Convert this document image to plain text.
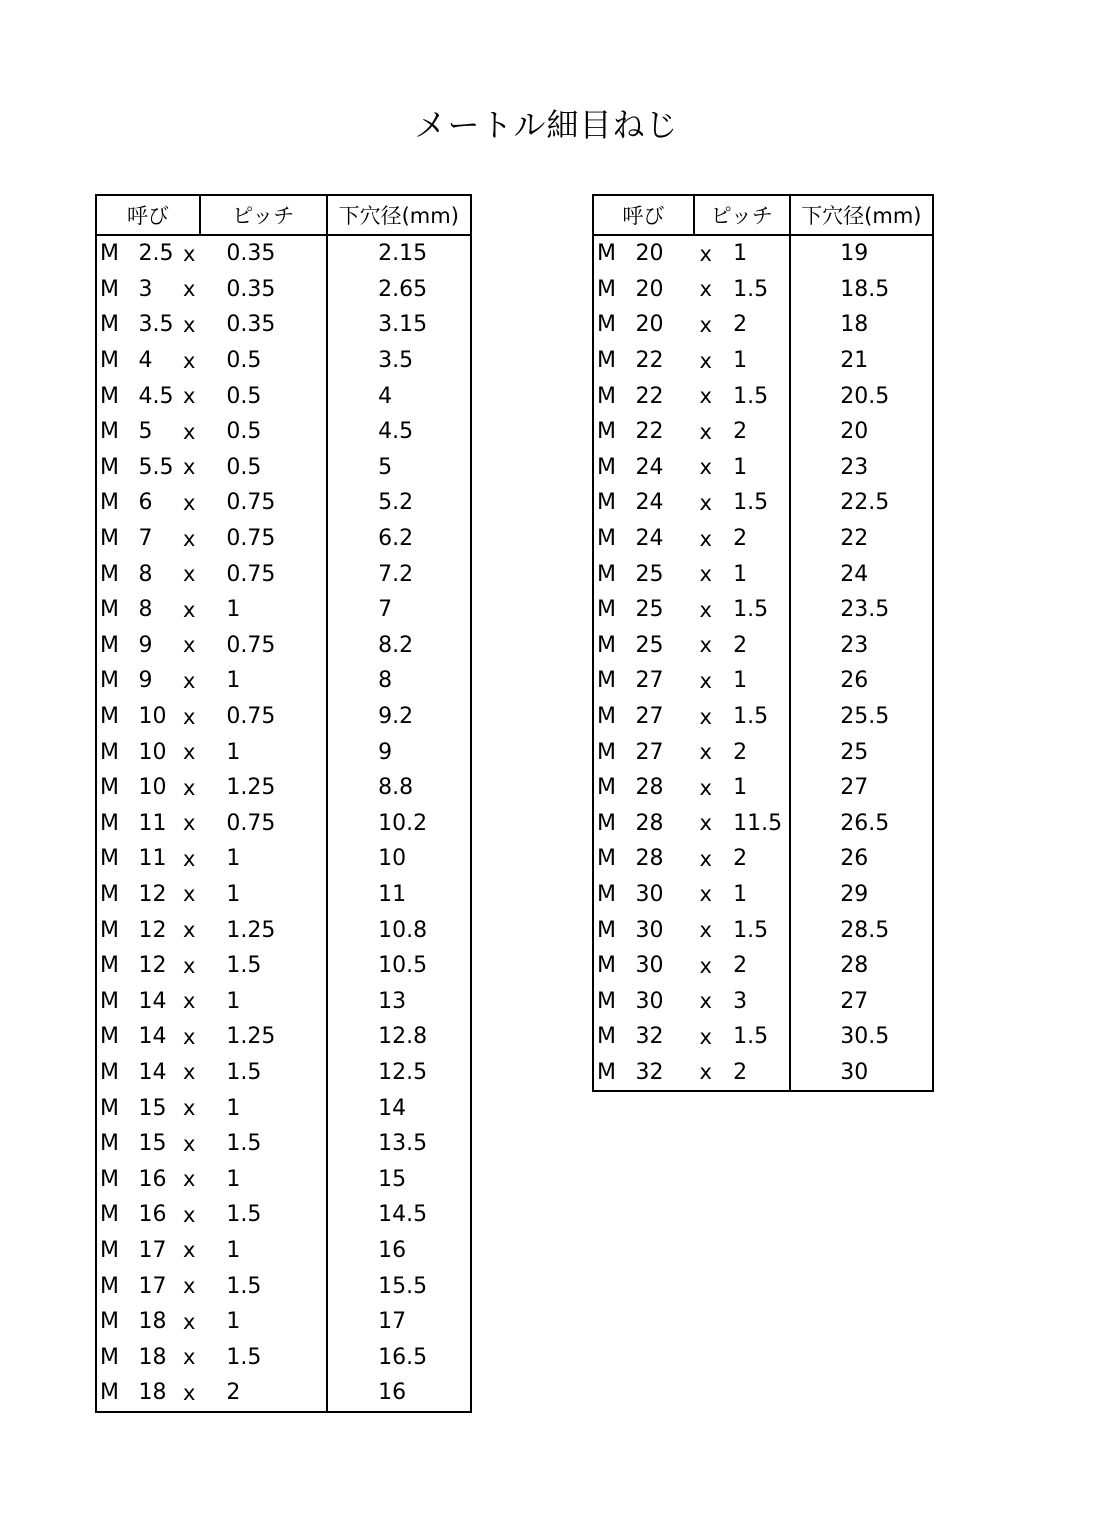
メートル細目ねじ
呼び	ピッチ	下穴径(mm)
M 2.5 x	0.35	2.15
M 3	x	0.35	2.65
M 3.5 x	0.35	3.15
M 4	x	0.5	3.5
M 4.5 x	0.5	4
M 5	x	0.5	4.5
M 5.5 x	0.5	5
M 6	x	0.75	5.2
M 7	x	0.75	6.2
M 8	x	0.75	7.2
M 8	x	1	7
M 9	x	0.75	8.2
M 9	x	1	8
M 10 x	0.75	9.2
M 10 x	1	9
M 10 x	1.25	8.8
M 11 x	0.75	10.2
M 11 x	1	10
M 12 x	1	11
M 12 x	1.25	10.8
M 12 x	1.5	10.5
M 14 x	1	13
M 14 x	1.25	12.8
M 14 x	1.5	12.5
M 15 x	1	14
M 15 x	1.5	13.5
M 16 x	1	15
M 16 x	1.5	14.5
M 17 x	1	16
M 17 x	1.5	15.5
M 18 x	1	17
M 18 x	1.5	16.5
M 18 x	2	16
呼び	ピッチ	下穴径(mm)
M 20	x 1	19
M 20	x 1.5	18.5
M 20	x 2	18
M 22	x 1	21
M 22	x 1.5	20.5
M 22	x 2	20
M 24	x 1	23
M 24	x 1.5	22.5
M 24	x 2	22
M 25	x 1	24
M 25	x 1.5	23.5
M 25	x 2	23
M 27	x 1	26
M 27	x 1.5	25.5
M 27	x 2	25
M 28	x 1	27
M 28	x 11.5	26.5
M 28	x 2	26
M 30	x 1	29
M 30	x 1.5	28.5
M 30	x 2	28
M 30	x 3	27
M 32	x 1.5	30.5
M 32	x 2	30
